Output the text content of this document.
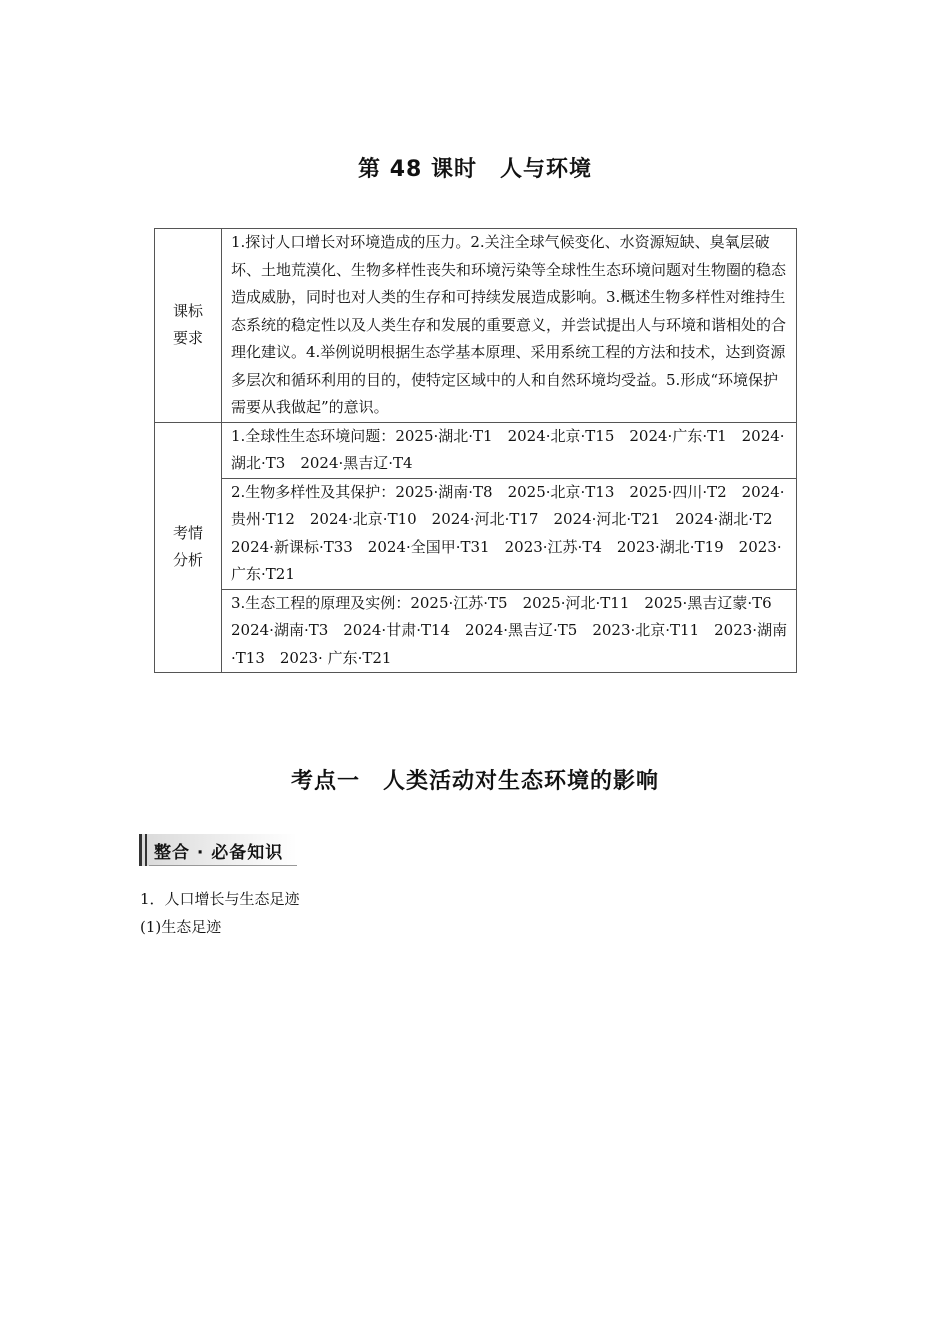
第 48 课时　人与环境
课标
要求	1.探讨人口增长对环境造成的压力。2.关注全球气候变化、水资源短缺、臭氧层破坏、土地荒漠化、生物多样性丧失和环境污染等全球性生态环境问题对生物圈的稳态造成威胁，同时也对人类的生存和可持续发展造成影响。3.概述生物多样性对维持生态系统的稳定性以及人类生存和发展的重要意义，并尝试提出人与环境和谐相处的合理化建议。4.举例说明根据生态学基本原理、采用系统工程的方法和技术，达到资源多层次和循环利用的目的，使特定区域中的人和自然环境均受益。5.形成“环境保护需要从我做起”的意识。
考情
分析	1.全球性生态环境问题：2025·湖北·T1　2024·北京·T15　2024·广东·T1　2024·湖北·T3　2024·黑吉辽·T4
	2.生物多样性及其保护：2025·湖南·T8　2025·北京·T13　2025·四川·T2　2024·贵州·T12　2024·北京·T10　2024·河北·T17　2024·河北·T21　2024·湖北·T2　2024·新课标·T33　2024·全国甲·T31　2023·江苏·T4　2023·湖北·T19　2023· 广东·T21
	3.生态工程的原理及实例：2025·江苏·T5　2025·河北·T11　2025·黑吉辽蒙·T6　2024·湖南·T3　2024·甘肃·T14　2024·黑吉辽·T5　2023·北京·T11　2023·湖南·T13　2023· 广东·T21
考点一　人类活动对生态环境的影响
整合 · 必备知识
1．人口增长与生态足迹
(1)生态足迹
